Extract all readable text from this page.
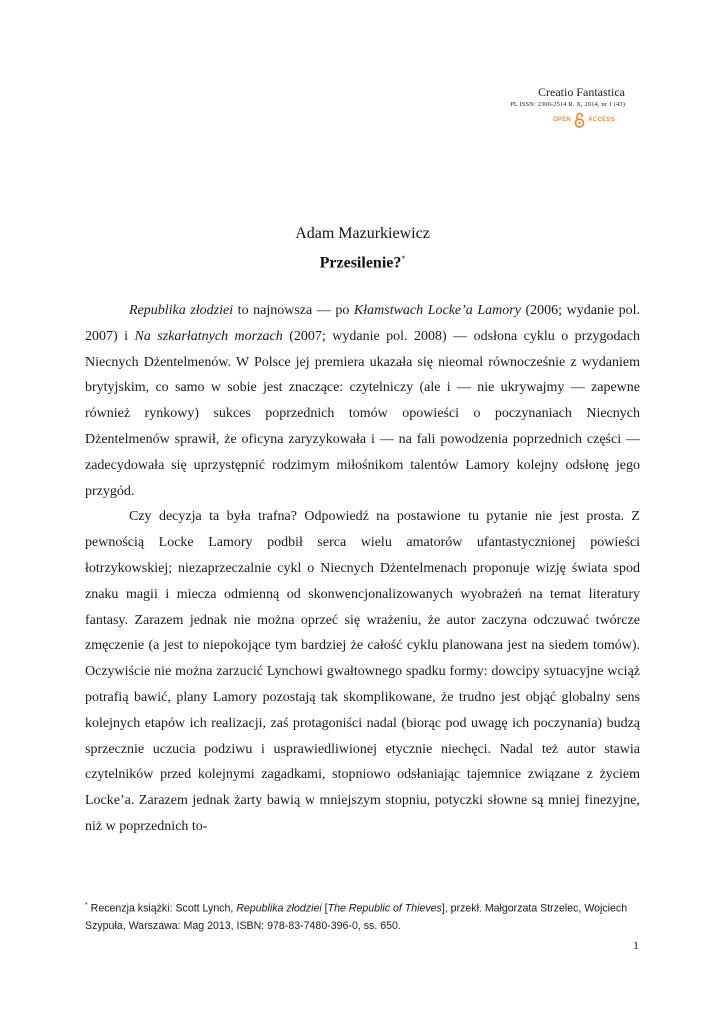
Creatio Fantastica
PL ISSN: 2300-2514 R. X, 2014, nr 1 (43)
OPEN	ACCESS
Adam Mazurkiewicz
Przesilenie?*

Republika złodziei to najnowsza — po Kłamstwach Locke’a Lamory (2006; wydanie pol. 2007) i Na szkarłatnych morzach (2007; wydanie pol. 2008) — odsłona cyklu o przygodach Niecnych Dżentelmenów. W Polsce jej premiera ukazała się nieomal równocześnie z wydaniem brytyjskim, co samo w sobie jest znaczące: czytelniczy (ale i — nie ukrywajmy — zapewne również rynkowy) sukces poprzednich tomów opowieści o poczynaniach Niecnych Dżentelmenów sprawił, że oficyna zaryzykowała i — na fali powodzenia poprzednich części — zadecydowała się uprzystępnić rodzimym miłośnikom talentów Lamory kolejny odsłonę jego przygód.

Czy decyzja ta była trafna? Odpowiedź na postawione tu pytanie nie jest prosta. Z pewnością Locke Lamory podbił serca wielu amatorów ufantastycznionej powieści łotrzykowskiej; niezaprzeczalnie cykl o Niecnych Dżentelmenach proponuje wizję świata spod znaku magii i miecza odmienną od skonwencjonalizowanych wyobrażeń na temat literatury fantasy. Zarazem jednak nie można oprzeć się wrażeniu, że autor zaczyna odczuwać twórcze zmęczenie (a jest to niepokojące tym bardziej że całość cyklu planowana jest na siedem tomów). Oczywiście nie można zarzucić Lynchowi gwałtownego spadku formy: dowcipy sytuacyjne wciąż potrafią bawić, plany Lamory pozostają tak skomplikowane, że trudno jest objąć globalny sens kolejnych etapów ich realizacji, zaś protagoniści nadal (biorąc pod uwagę ich poczynania) budzą sprzecznie uczucia podziwu i usprawiedliwionej etycznie niechęci. Nadal też autor stawia czytelników przed kolejnymi zagadkami, stopniowo odsłaniając tajemnice związane z życiem Locke’a. Zarazem jednak żarty bawią w mniejszym stopniu, potyczki słowne są mniej finezyjne, niż w poprzednich to-

* Recenzja książki: Scott Lynch, Republika złodziei [The Republic of Thieves], przekł. Małgorzata Strzelec, Wojciech Szypuła, Warszawa: Mag 2013, ISBN: 978-83-7480-396-0, ss. 650.
1
